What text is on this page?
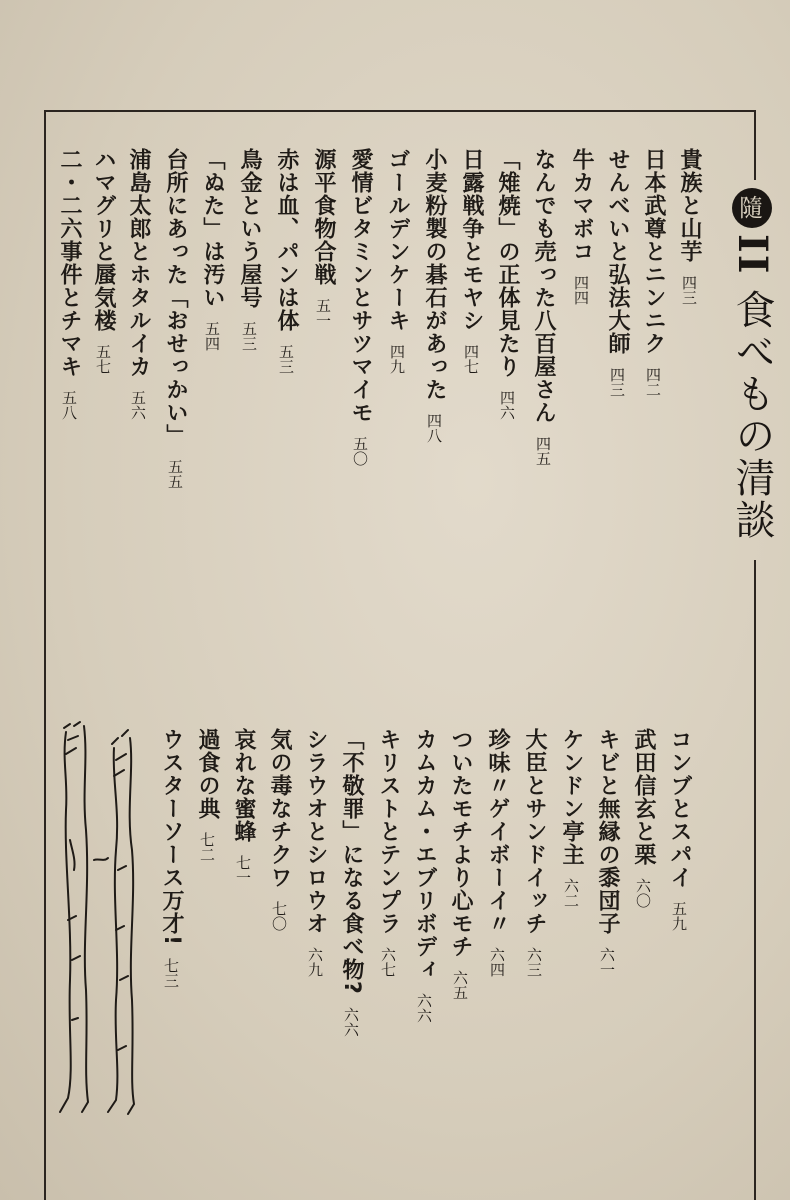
隨
II
食べもの清談
貴族と山芋四三
日本武尊とニンニク四二
せんべいと弘法大師四三
牛カマボコ四四
なんでも売った八百屋さん四五
「雉焼」の正体見たり四六
日露戦争とモヤシ四七
小麦粉製の碁石があった四八
ゴールデンケーキ四九
愛情ビタミンとサツマイモ五〇
源平食物合戦五一
赤は血、パンは体五三
鳥金という屋号五三
「ぬた」は汚い五四
台所にあった「おせっかい」五五
浦島太郎とホタルイカ五六
ハマグリと蜃気楼五七
二・二六事件とチマキ五八
コンブとスパイ五九
武田信玄と栗六〇
キビと無縁の黍団子六一
ケンドン亭主六二
大臣とサンドイッチ六三
珍味〃ゲイボーイ〃六四
ついたモチより心モチ六五
カムカム・エブリボディ六六
キリストとテンプラ六七
「不敬罪」になる食べ物?六六
シラウオとシロウオ六九
気の毒なチクワ七〇
哀れな蜜蜂七一
過食の典七二
ウスターソース万才!七三
